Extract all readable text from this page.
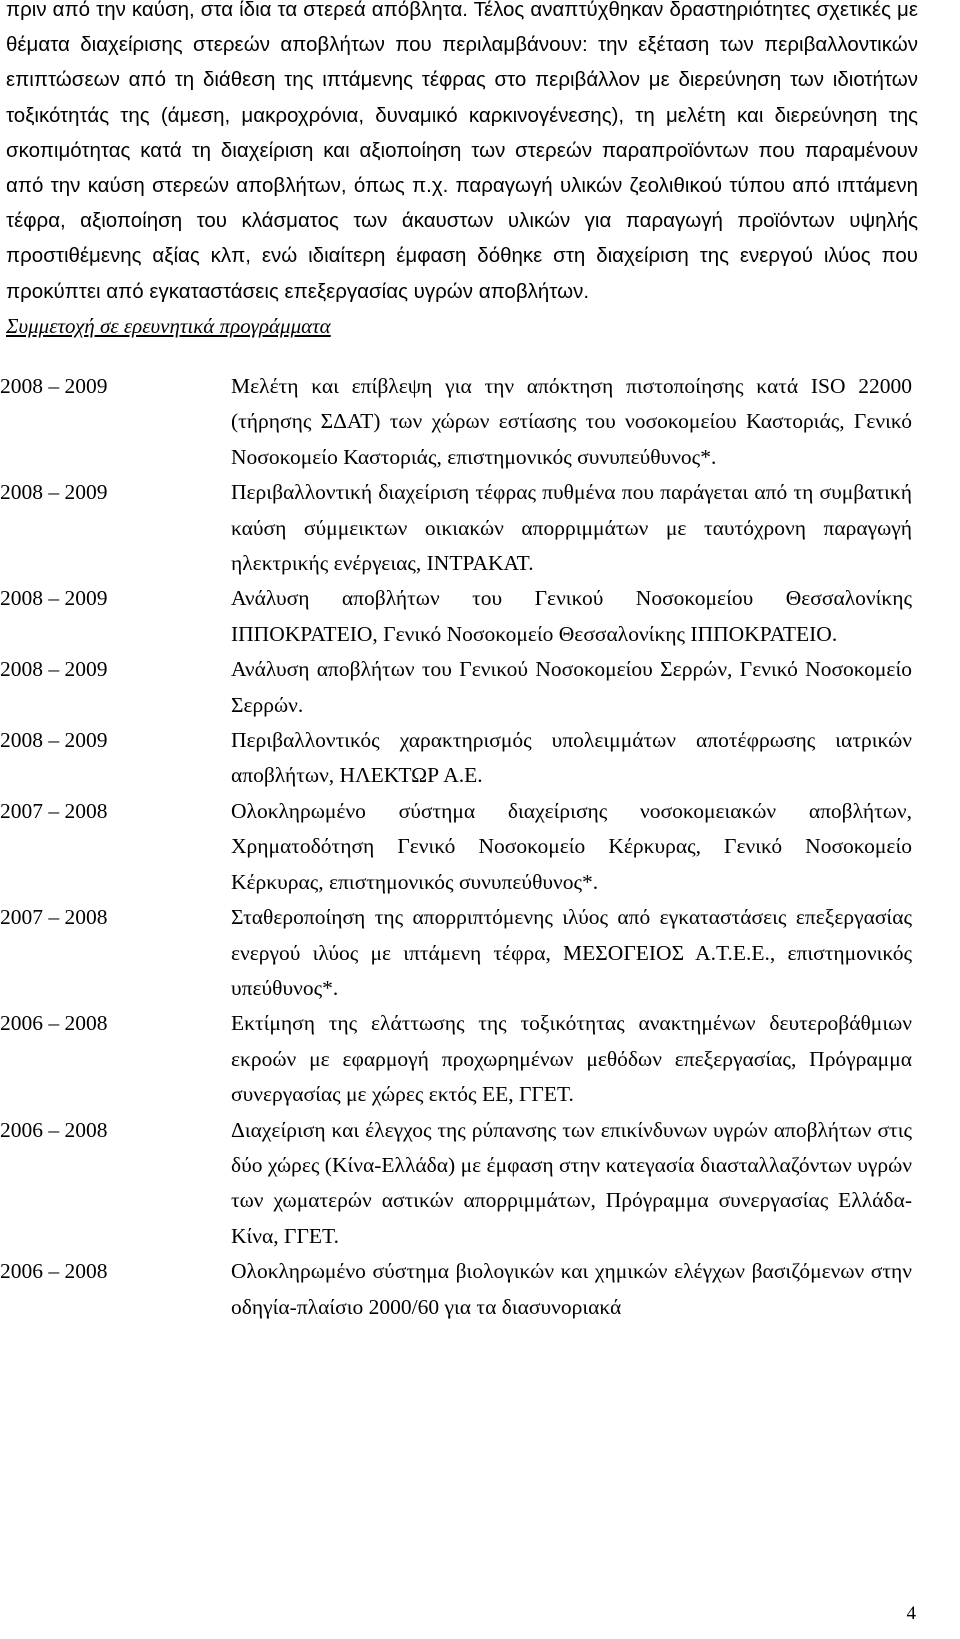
πριν από την καύση, στα ίδια τα στερεά απόβλητα. Τέλος αναπτύχθηκαν δραστηριότητες σχετικές με θέματα διαχείρισης στερεών αποβλήτων που περιλαμβάνουν: την εξέταση των περιβαλλοντικών επιπτώσεων από τη διάθεση της ιπτάμενης τέφρας στο περιβάλλον με διερεύνηση των ιδιοτήτων τοξικότητάς της (άμεση, μακροχρόνια, δυναμικό καρκινογένεσης), τη μελέτη και διερεύνηση της σκοπιμότητας κατά τη διαχείριση και αξιοποίηση των στερεών παραπροϊόντων που παραμένουν από την καύση στερεών αποβλήτων, όπως π.χ. παραγωγή υλικών ζεολιθικού τύπου από ιπτάμενη τέφρα, αξιοποίηση του κλάσματος των άκαυστων υλικών για παραγωγή προϊόντων υψηλής προστιθέμενης αξίας κλπ, ενώ ιδιαίτερη έμφαση δόθηκε στη διαχείριση της ενεργού ιλύος που προκύπτει από εγκαταστάσεις επεξεργασίας υγρών αποβλήτων.

Συμμετοχή σε ερευνητικά προγράμματα

2008 – 2009	Μελέτη και επίβλεψη για την απόκτηση πιστοποίησης κατά ISO 22000 (τήρησης ΣΔΑΤ) των χώρων εστίασης του νοσοκομείου Καστοριάς, Γενικό Νοσοκομείο Καστοριάς, επιστημονικός συνυπεύθυνος*.
2008 – 2009	Περιβαλλοντική διαχείριση τέφρας πυθμένα που παράγεται από τη συμβατική καύση σύμμεικτων οικιακών απορριμμάτων με ταυτόχρονη παραγωγή ηλεκτρικής ενέργειας, ΙΝΤΡΑΚΑΤ.
2008 – 2009	Ανάλυση αποβλήτων του Γενικού Νοσοκομείου Θεσσαλονίκης ΙΠΠΟΚΡΑΤΕΙΟ, Γενικό Νοσοκομείο Θεσσαλονίκης ΙΠΠΟΚΡΑΤΕΙΟ.
2008 – 2009	Ανάλυση αποβλήτων του Γενικού Νοσοκομείου Σερρών, Γενικό Νοσοκομείο Σερρών.
2008 – 2009	Περιβαλλοντικός χαρακτηρισμός υπολειμμάτων αποτέφρωσης ιατρικών αποβλήτων, ΗΛΕΚΤΩΡ Α.Ε.
2007 – 2008	Ολοκληρωμένο σύστημα διαχείρισης νοσοκομειακών αποβλήτων, Χρηματοδότηση Γενικό Νοσοκομείο Κέρκυρας, Γενικό Νοσοκομείο Κέρκυρας, επιστημονικός συνυπεύθυνος*.
2007 – 2008	Σταθεροποίηση της απορριπτόμενης ιλύος από εγκαταστάσεις επεξεργασίας ενεργού ιλύος με ιπτάμενη τέφρα, ΜΕΣΟΓΕΙΟΣ Α.Τ.Ε.Ε., επιστημονικός υπεύθυνος*.
2006 – 2008	Εκτίμηση της ελάττωσης της τοξικότητας ανακτημένων δευτεροβάθμιων εκροών με εφαρμογή προχωρημένων μεθόδων επεξεργασίας, Πρόγραμμα συνεργασίας με χώρες εκτός ΕΕ, ΓΓΕΤ.
2006 – 2008	Διαχείριση και έλεγχος της ρύπανσης των επικίνδυνων υγρών αποβλήτων στις δύο χώρες (Κίνα-Ελλάδα) με έμφαση στην κατεγασία διασταλλαζόντων υγρών των χωματερών αστικών απορριμμάτων, Πρόγραμμα συνεργασίας Ελλάδα-Κίνα, ΓΓΕΤ.
2006 – 2008	Ολοκληρωμένο σύστημα βιολογικών και χημικών ελέγχων βασιζόμενων στην οδηγία-πλαίσιο 2000/60 για τα διασυνοριακά
4
